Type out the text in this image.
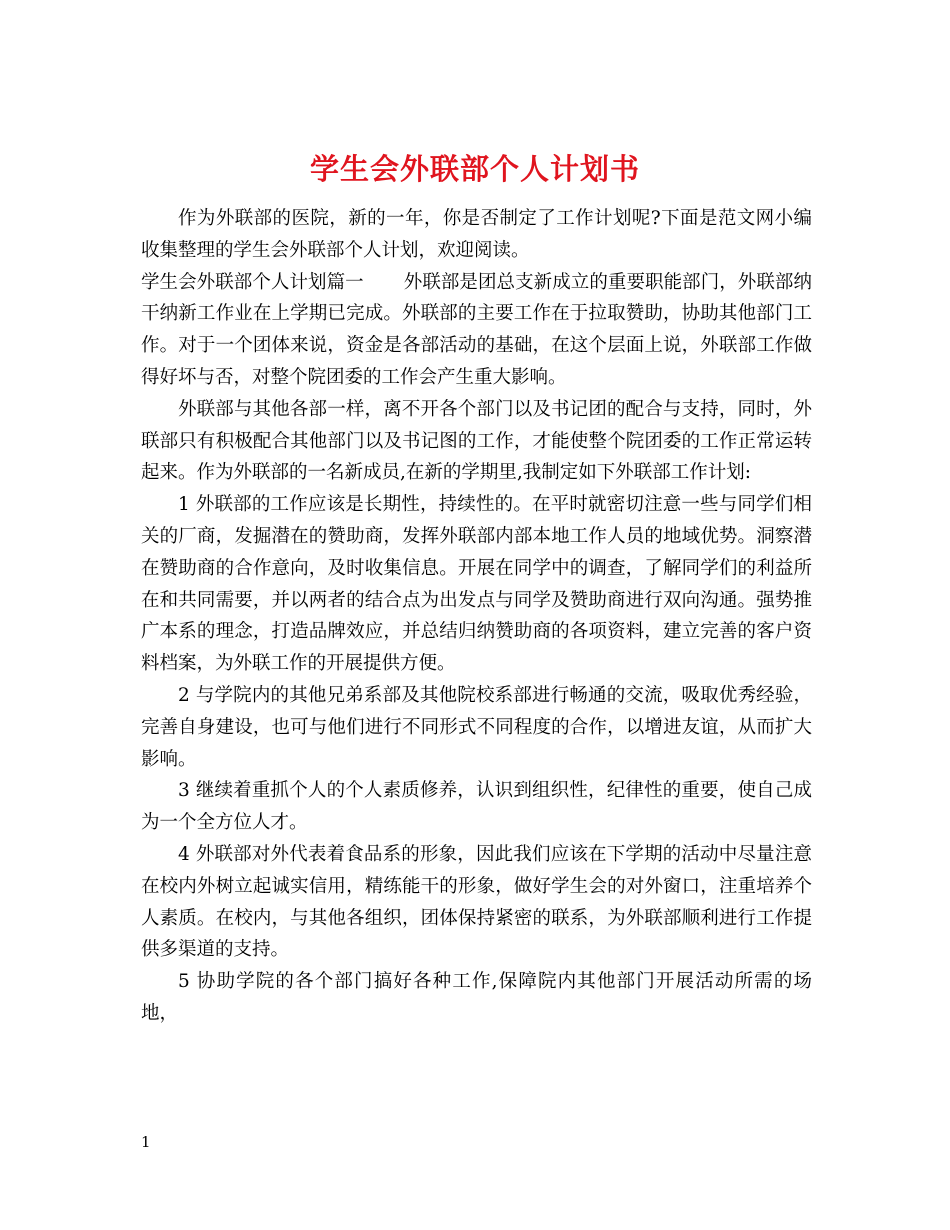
学生会外联部个人计划书

作为外联部的医院，新的一年，你是否制定了工作计划呢?下面是范文网小编收集整理的学生会外联部个人计划，欢迎阅读。

学生会外联部个人计划篇一 外联部是团总支新成立的重要职能部门，外联部纳干纳新工作业在上学期已完成。外联部的主要工作在于拉取赞助，协助其他部门工作。对于一个团体来说，资金是各部活动的基础，在这个层面上说，外联部工作做得好坏与否，对整个院团委的工作会产生重大影响。

外联部与其他各部一样，离不开各个部门以及书记团的配合与支持，同时，外联部只有积极配合其他部门以及书记图的工作，才能使整个院团委的工作正常运转起来。作为外联部的一名新成员,在新的学期里,我制定如下外联部工作计划:

1 外联部的工作应该是长期性，持续性的。在平时就密切注意一些与同学们相关的厂商，发掘潜在的赞助商，发挥外联部内部本地工作人员的地域优势。洞察潜在赞助商的合作意向，及时收集信息。开展在同学中的调查，了解同学们的利益所在和共同需要，并以两者的结合点为出发点与同学及赞助商进行双向沟通。强势推广本系的理念，打造品牌效应，并总结归纳赞助商的各项资料，建立完善的客户资料档案，为外联工作的开展提供方便。

2 与学院内的其他兄弟系部及其他院校系部进行畅通的交流，吸取优秀经验，完善自身建设，也可与他们进行不同形式不同程度的合作，以增进友谊，从而扩大影响。

3 继续着重抓个人的个人素质修养，认识到组织性，纪律性的重要，使自己成为一个全方位人才。

4 外联部对外代表着食品系的形象，因此我们应该在下学期的活动中尽量注意在校内外树立起诚实信用，精练能干的形象，做好学生会的对外窗口，注重培养个人素质。在校内，与其他各组织，团体保持紧密的联系，为外联部顺利进行工作提供多渠道的支持。

5 协助学院的各个部门搞好各种工作,保障院内其他部门开展活动所需的场地，

1
